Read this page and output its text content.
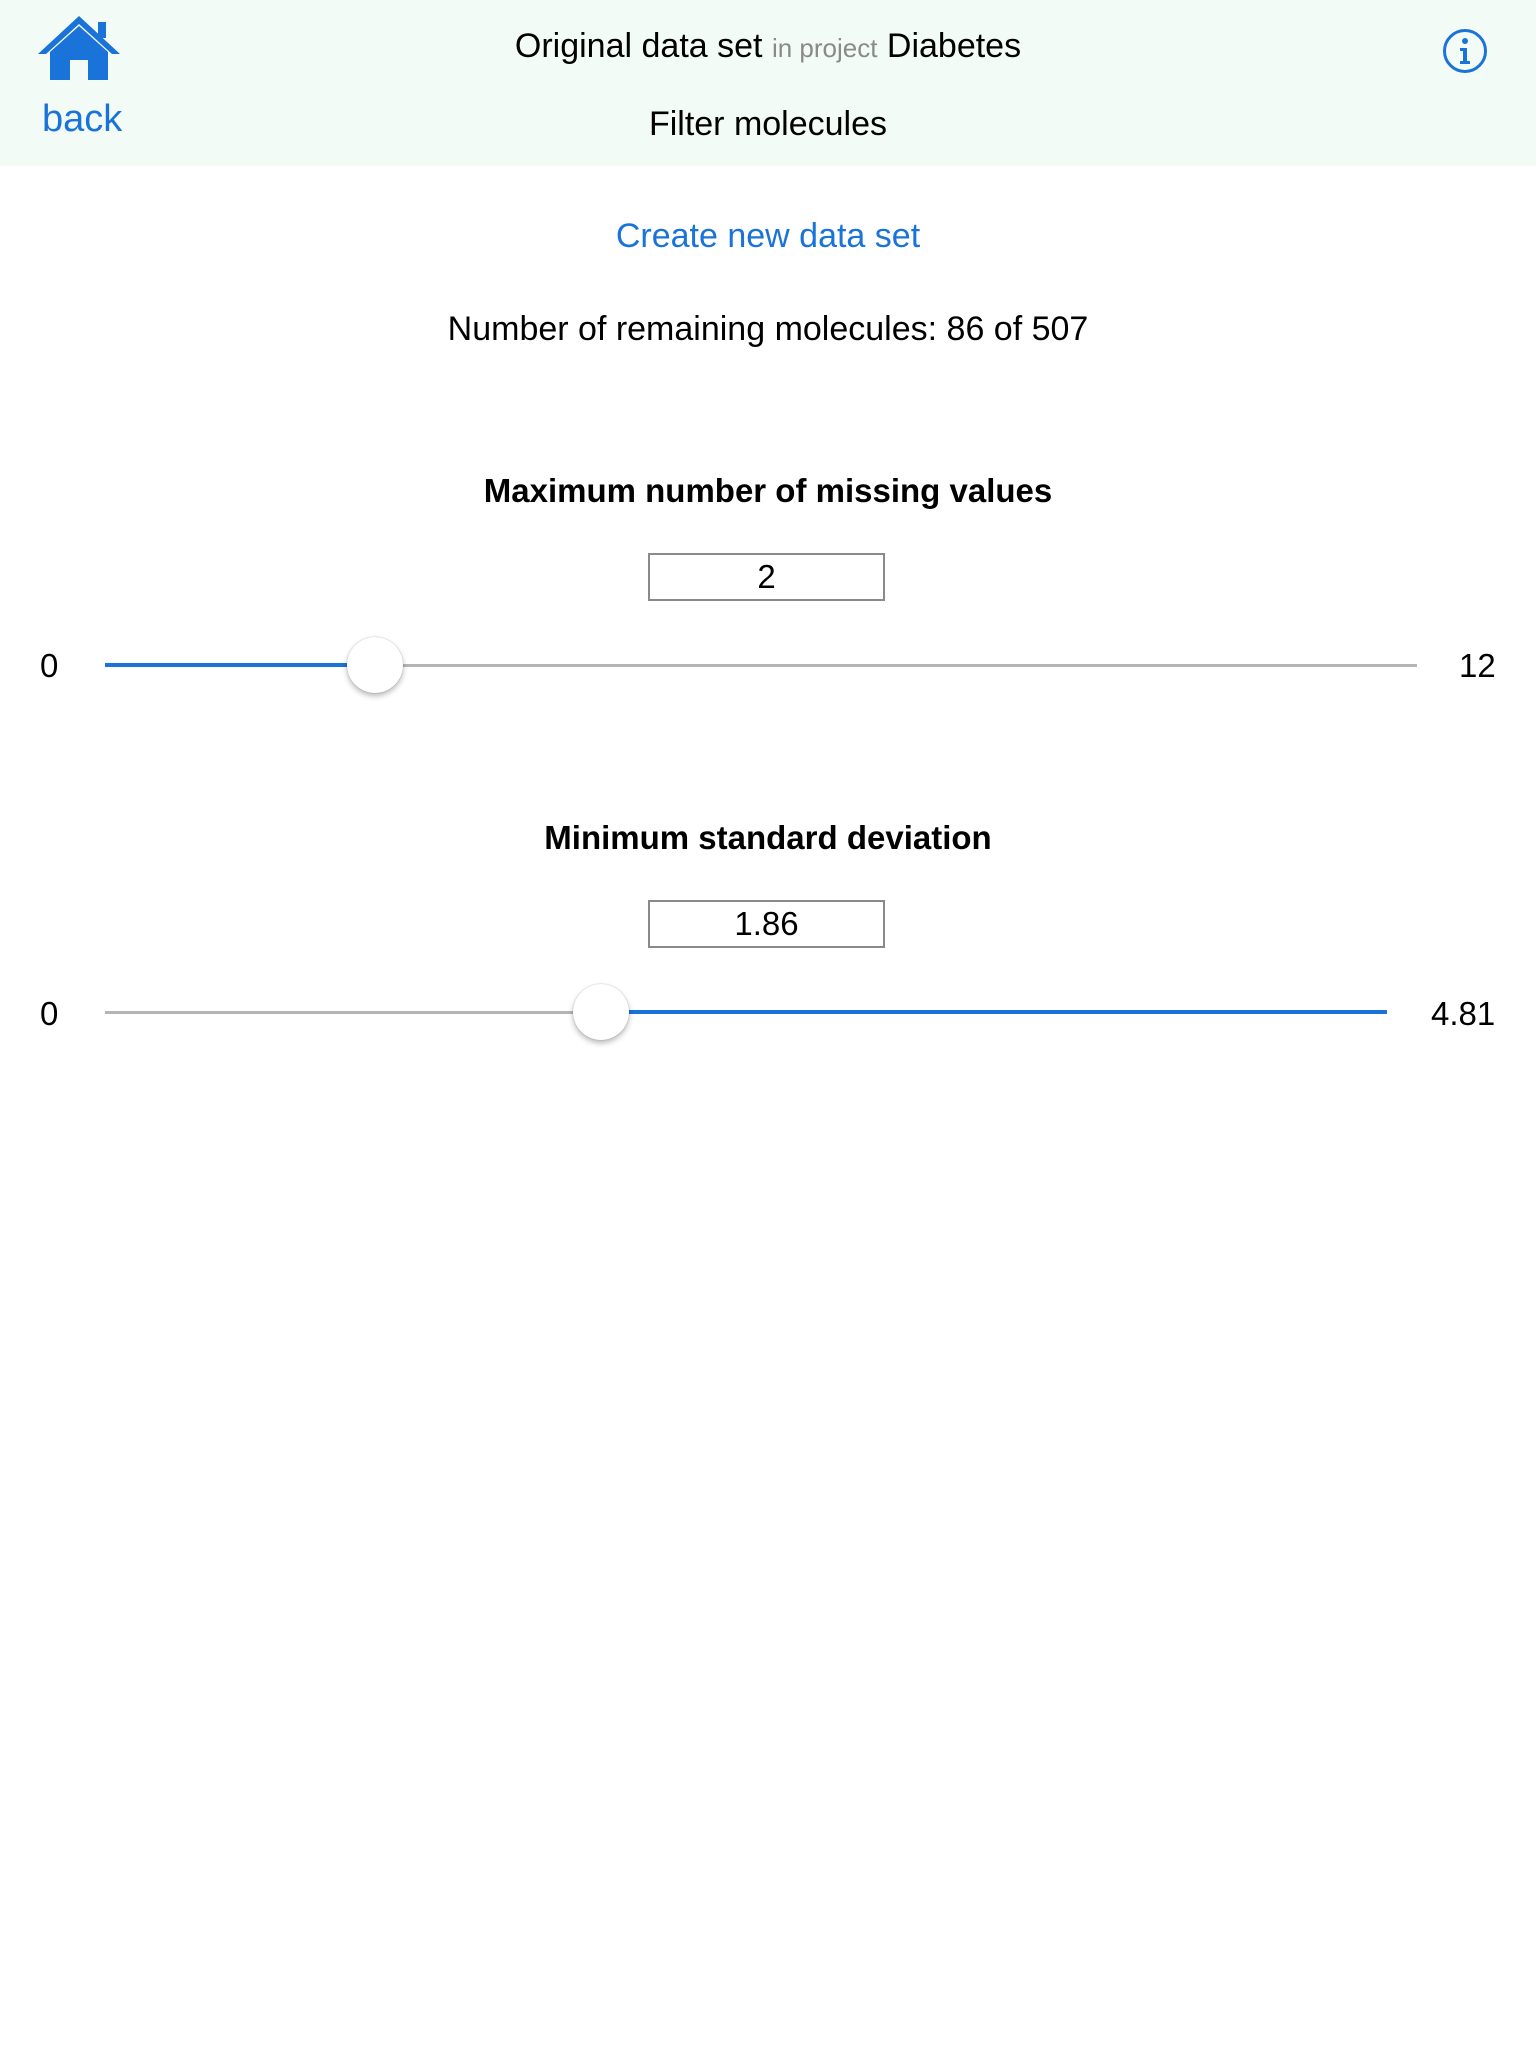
back
Original data set in project Diabetes
Filter molecules
Create new data set
Number of remaining molecules: 86 of 507
Maximum number of missing values
2
0	12
Minimum standard deviation
1.86
0	4.81
